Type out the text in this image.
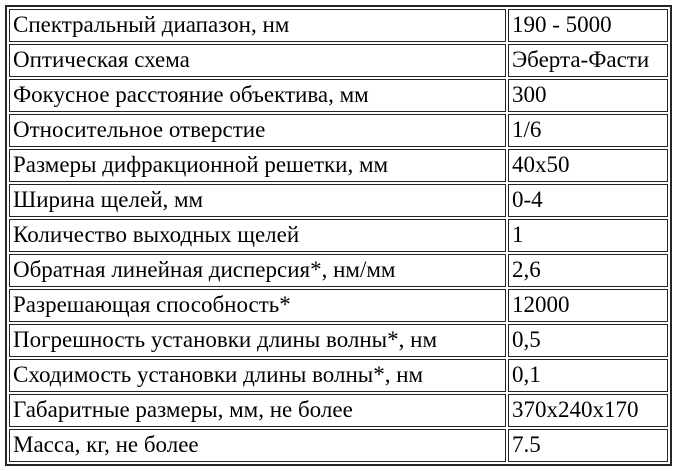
Спектральный диапазон, нм	190 - 5000
Оптическая схема	Эберта-Фасти
Фокусное расстояние объектива, мм	300
Относительное отверстие	1/6
Размеры дифракционной решетки, мм	40x50
Ширина щелей, мм	0-4
Количество выходных щелей	1
Обратная линейная дисперсия*, нм/мм	2,6
Разрешающая способность*	12000
Погрешность установки длины волны*, нм	0,5
Сходимость установки длины волны*, нм	0,1
Габаритные размеры, мм, не более	370x240x170
Масса, кг, не более	7.5
